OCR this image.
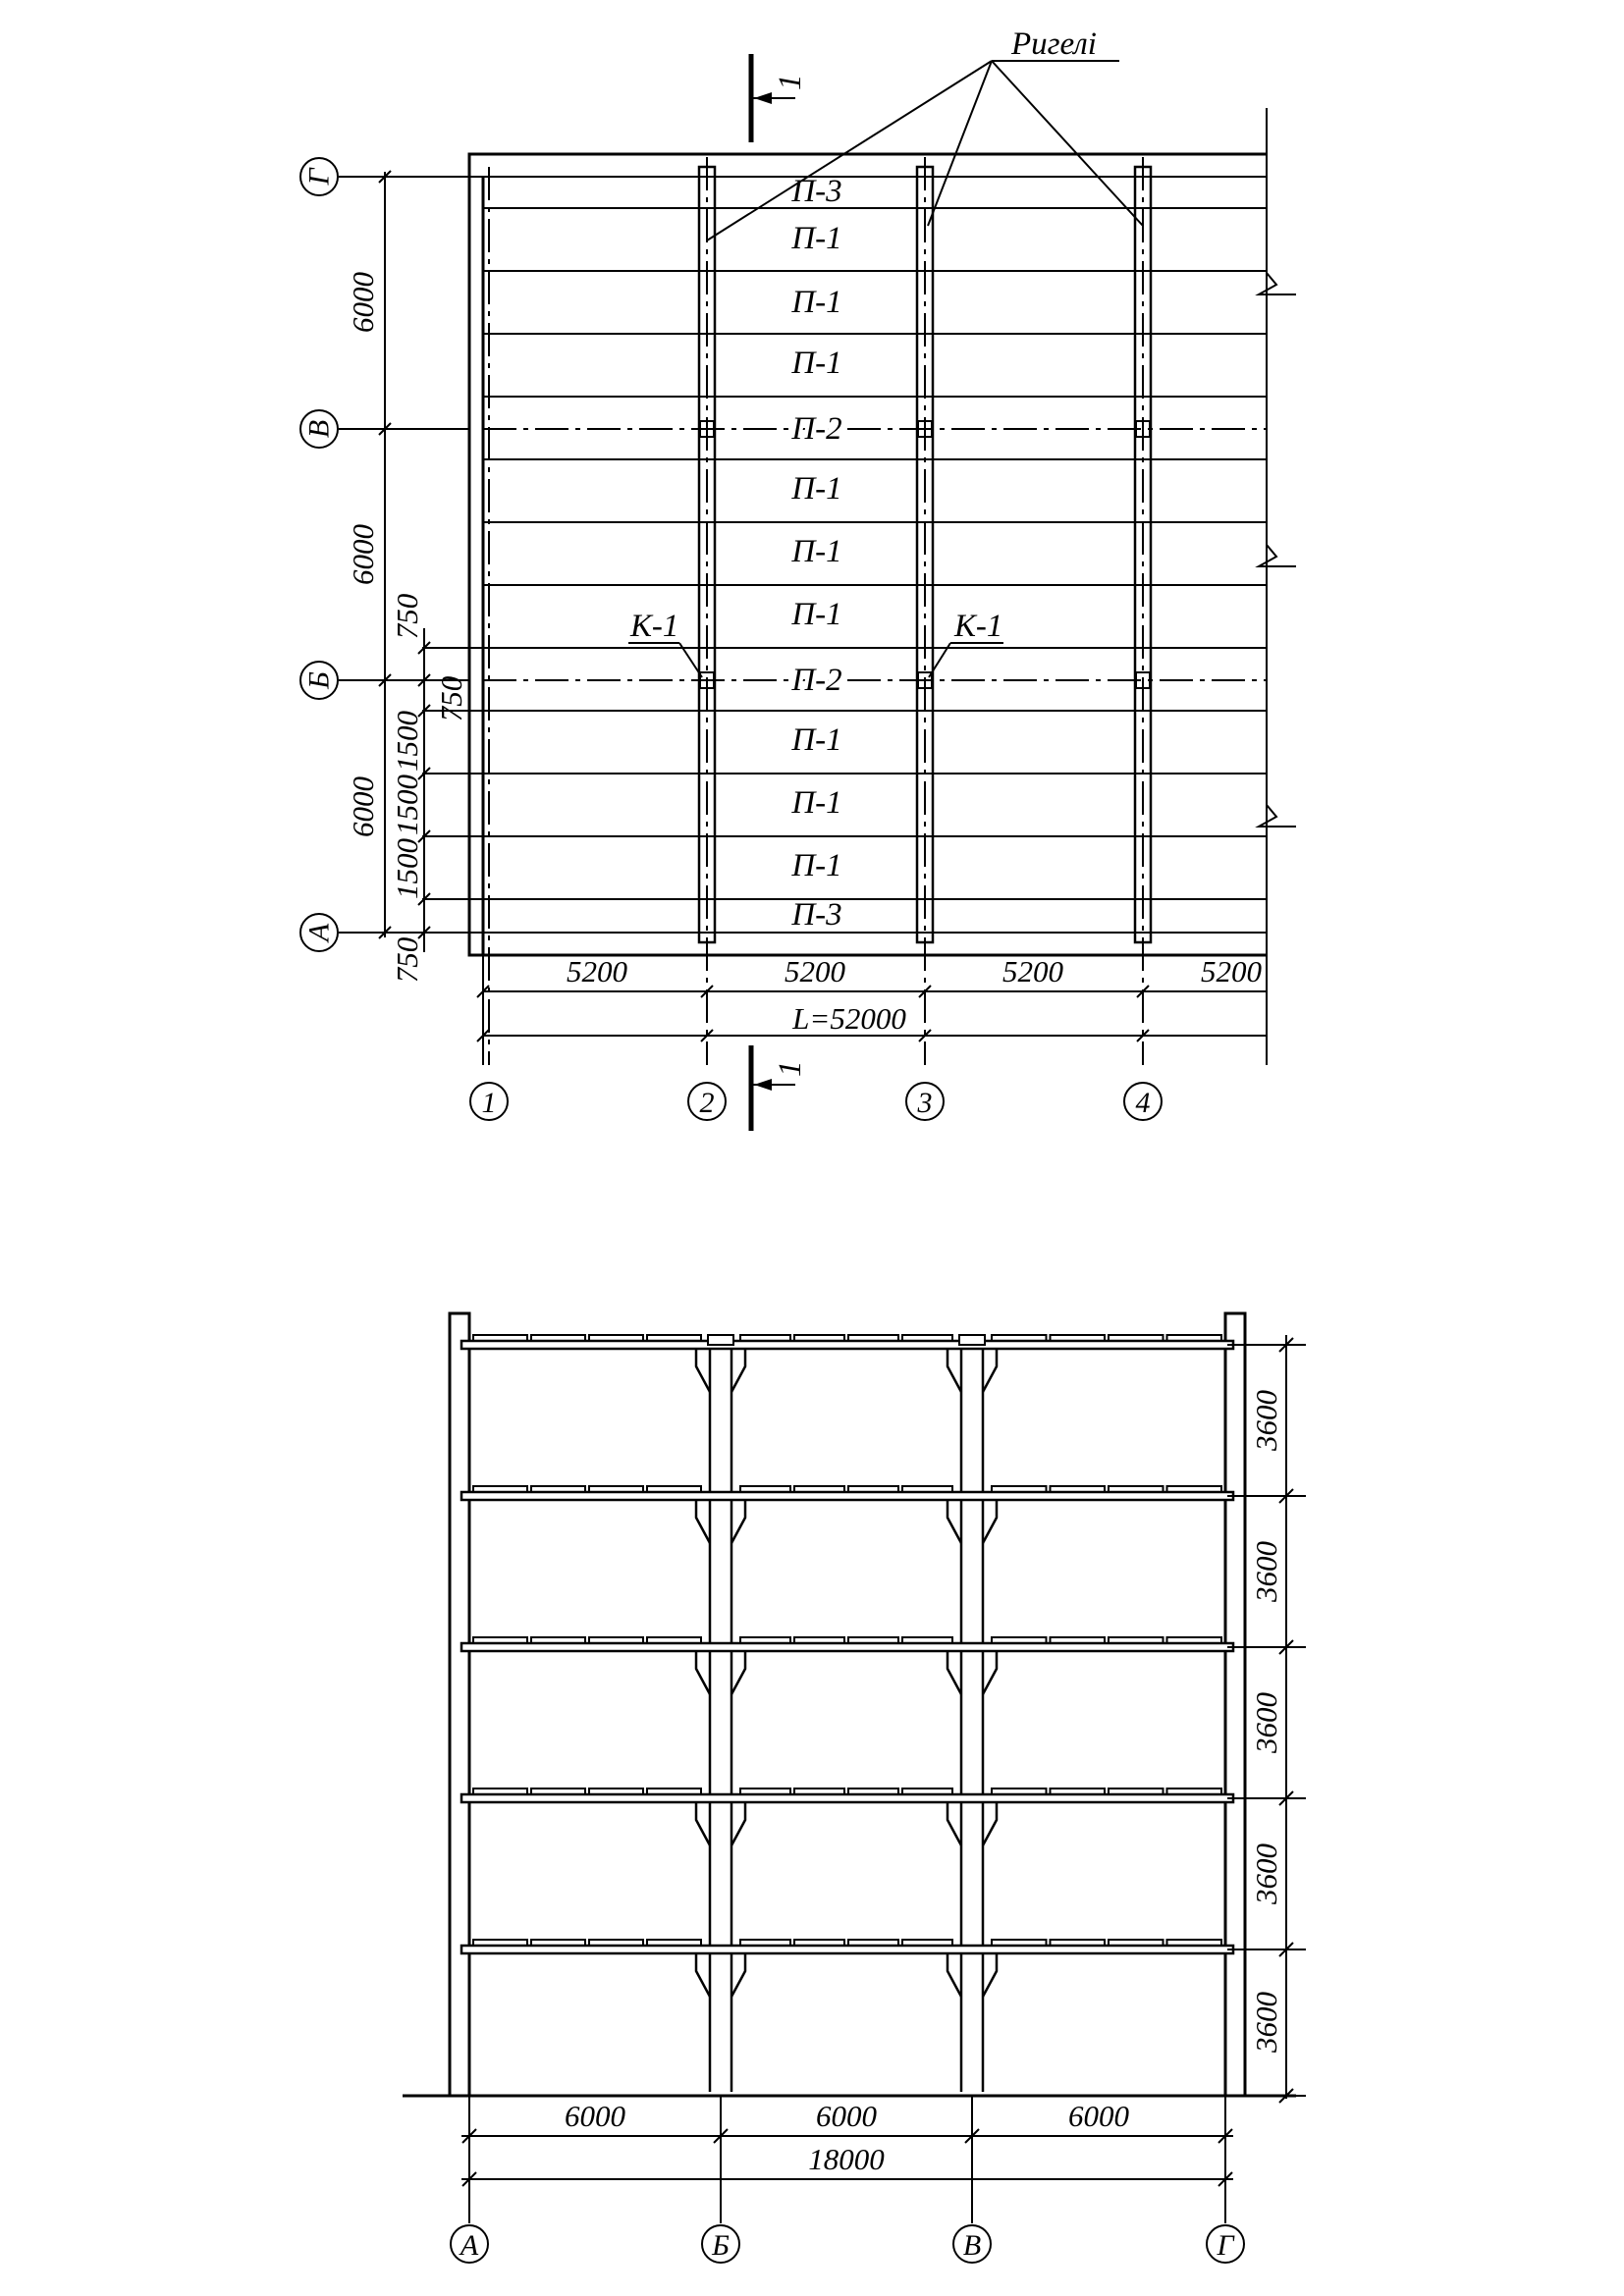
П-3
П-1
П-1
П-1
П-2
П-1
П-1
П-1
П-2
П-1
П-1
П-1
П-3
Ригелі
К-1	К-1
1
1
Г
В
Б
А
6000
6000
6000
750
750
1500
1500
1500
750	5200	5200	5200	5200
L=52000
1	2	3	4
3600
3600
3600
3600
3600
6000	6000	6000
18000
А	Б	В	Г
